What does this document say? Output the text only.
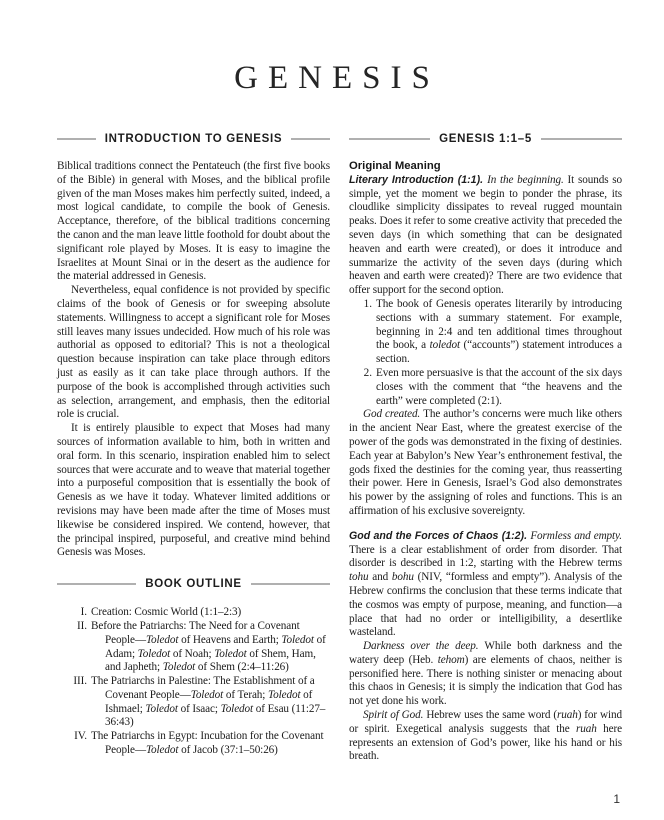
GENESIS
INTRODUCTION TO GENESIS

Biblical traditions connect the Pentateuch (the first five books of the Bible) in general with Moses, and the biblical profile given of the man Moses makes him perfectly suited, indeed, a most logical candidate, to compile the book of Genesis. Acceptance, therefore, of the biblical traditions concerning the canon and the man leave little foothold for doubt about the significant role played by Moses. It is easy to imagine the Israelites at Mount Sinai or in the desert as the audience for the material addressed in Genesis.

Nevertheless, equal confidence is not provided by specific claims of the book of Genesis or for sweeping absolute statements. Willingness to accept a significant role for Moses still leaves many issues undecided. How much of his role was authorial as opposed to editorial? This is not a theological question because inspiration can take place through editors just as easily as it can take place through authors. If the purpose of the book is accomplished through activities such as selection, arrangement, and emphasis, then the editorial role is crucial.

It is entirely plausible to expect that Moses had many sources of information available to him, both in written and oral form. In this scenario, inspiration enabled him to select sources that were accurate and to weave that material together into a purposeful composition that is essentially the book of Genesis as we have it today. Whatever limited additions or revisions may have been made after the time of Moses must likewise be considered inspired. We contend, however, that the principal inspired, purposeful, and creative mind behind Genesis was Moses.

BOOK OUTLINE
I. Creation: Cosmic World (1:1–2:3)
II. Before the Patriarchs: The Need for a Covenant People—Toledot of Heavens and Earth; Toledot of Adam; Toledot of Noah; Toledot of Shem, Ham, and Japheth; Toledot of Shem (2:4–11:26)
III. The Patriarchs in Palestine: The Establishment of a Covenant People—Toledot of Terah; Toledot of Ishmael; Toledot of Isaac; Toledot of Esau (11:27–36:43)
IV. The Patriarchs in Egypt: Incubation for the Covenant People—Toledot of Jacob (37:1–50:26)
GENESIS 1:1–5
Original Meaning

Literary Introduction (1:1). In the beginning. It sounds so simple, yet the moment we begin to ponder the phrase, its cloudlike simplicity dissipates to reveal rugged mountain peaks. Does it refer to some creative activity that preceded the seven days (in which something that can be designated heaven and earth were created), or does it introduce and summarize the activity of the seven days (during which heaven and earth were created)? There are two evidence that offer support for the second option.

1. The book of Genesis operates literarily by introducing sections with a summary statement. For example, beginning in 2:4 and ten additional times throughout the book, a toledot (“accounts”) statement introduces a section.
2. Even more persuasive is that the account of the six days closes with the comment that “the heavens and the earth” were completed (2:1).

God created. The author’s concerns were much like others in the ancient Near East, where the greatest exercise of the power of the gods was demonstrated in the fixing of destinies. Each year at Babylon’s New Year’s enthronement festival, the gods fixed the destinies for the coming year, thus reasserting their power. Here in Genesis, Israel’s God also demonstrates his power by the assigning of roles and functions. This is an affirmation of his exclusive sovereignty.

God and the Forces of Chaos (1:2). Formless and empty. There is a clear establishment of order from disorder. That disorder is described in 1:2, starting with the Hebrew terms tohu and bohu (NIV, “formless and empty”). Analysis of the Hebrew confirms the conclusion that these terms indicate that the cosmos was empty of purpose, meaning, and function—a place that had no order or intelligibility, a desertlike wasteland.

Darkness over the deep. While both darkness and the watery deep (Heb. tehom) are elements of chaos, neither is personified here. There is nothing sinister or menacing about this chaos in Genesis; it is simply the indication that God has not yet done his work.

Spirit of God. Hebrew uses the same word (ruah) for wind or spirit. Exegetical analysis suggests that the ruah here represents an extension of God’s power, like his hand or his breath.

1
